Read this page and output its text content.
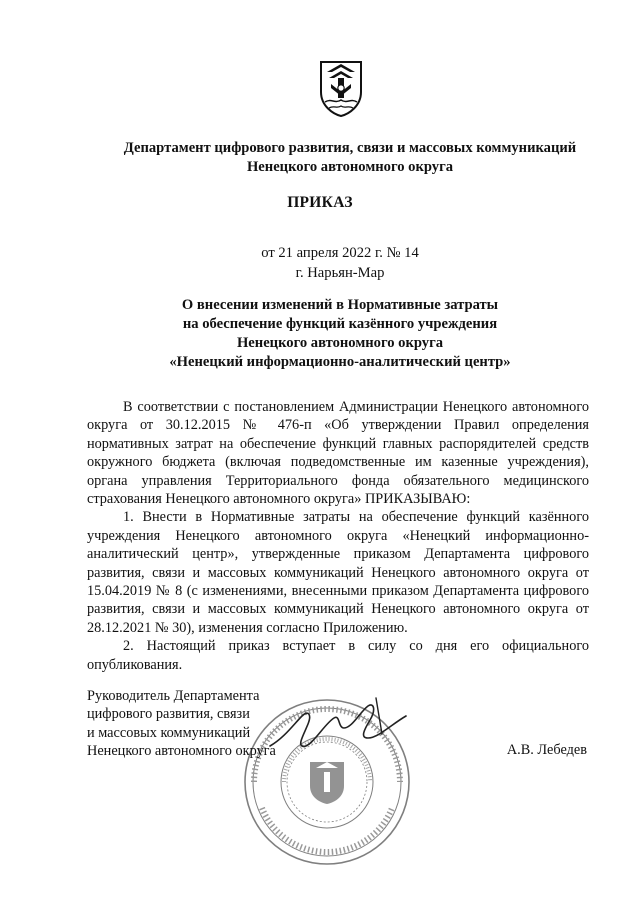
Департамент цифрового развития, связи и массовых коммуникаций
Ненецкого автономного округа
ПРИКАЗ
от 21 апреля 2022 г. № 14
г. Нарьян-Мар
О внесении изменений в Нормативные затраты
на обеспечение функций казённого учреждения
Ненецкого автономного округа
«Ненецкий информационно-аналитический центр»

В соответствии с постановлением Администрации Ненецкого автономного округа от 30.12.2015 № 476-п «Об утверждении Правил определения нормативных затрат на обеспечение функций главных распорядителей средств окружного бюджета (включая подведомственные им казенные учреждения), органа управления Территориального фонда обязательного медицинского страхования Ненецкого автономного округа» ПРИКАЗЫВАЮ:

1. Внести в Нормативные затраты на обеспечение функций казённого учреждения Ненецкого автономного округа «Ненецкий информационно-аналитический центр», утвержденные приказом Департамента цифрового развития, связи и массовых коммуникаций Ненецкого автономного округа от 15.04.2019 № 8 (с изменениями, внесенными приказом Департамента цифрового развития, связи и массовых коммуникаций Ненецкого автономного округа от 28.12.2021 № 30), изменения согласно Приложению.

2. Настоящий приказ вступает в силу со дня его официального опубликования.

Руководитель Департамента
цифрового развития, связи
и массовых коммуникаций
Ненецкого автономного округа	А.В. Лебедев
